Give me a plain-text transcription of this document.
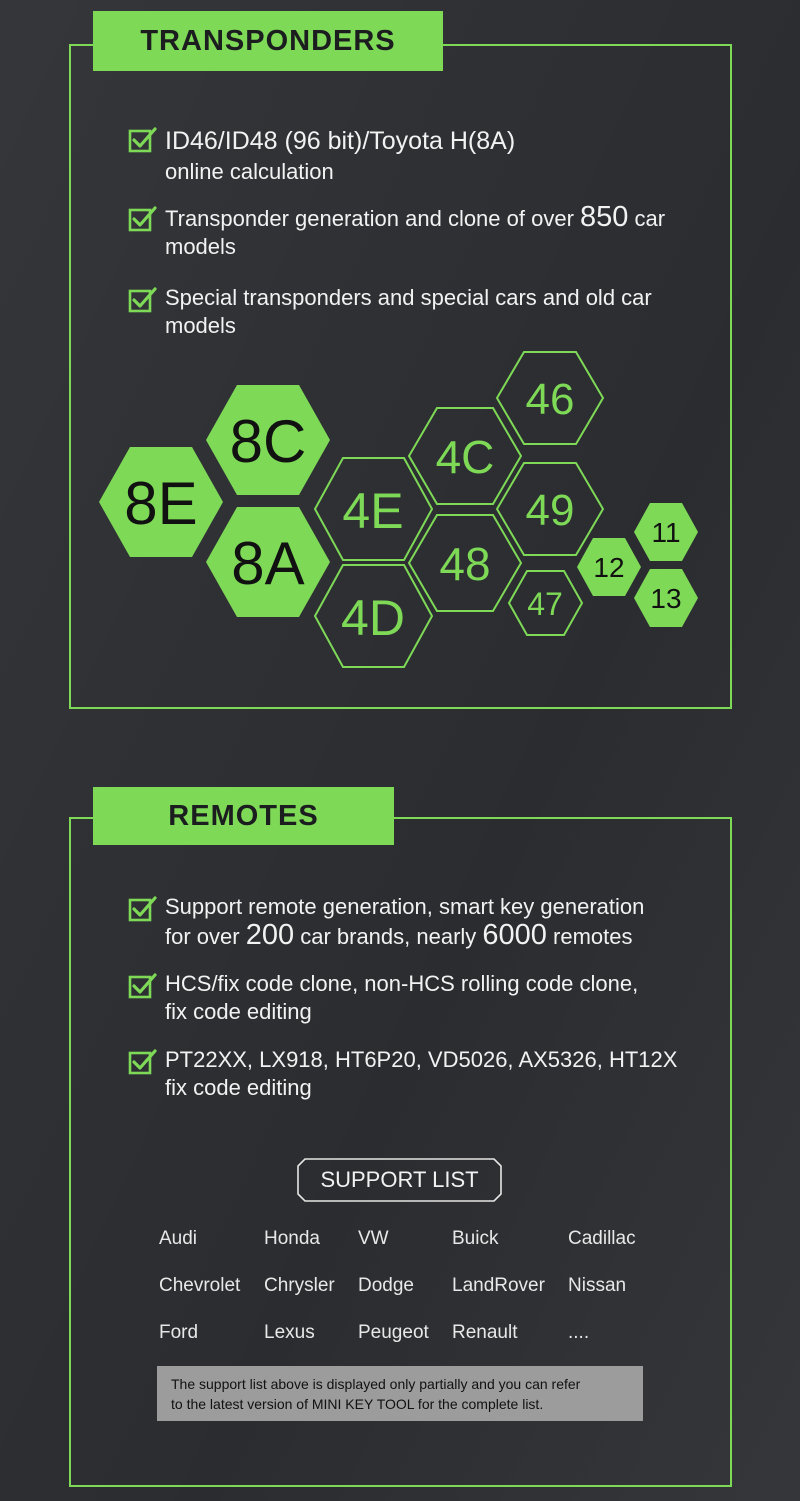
TRANSPONDERS
ID46/ID48 (96 bit)/Toyota H(8A)
online calculation
Transponder generation and clone of over 850 car
models
Special transponders and special cars and old car
models
8E
8C
8A
4E
4D
4C
48
46
49
47
12
11
13
REMOTES
Support remote generation, smart key generation
for over 200 car brands, nearly 6000 remotes
HCS/fix code clone, non-HCS rolling code clone,
fix code editing
PT22XX, LX918, HT6P20, VD5026, AX5326, HT12X
fix code editing
SUPPORT LIST
Audi	Honda VW	Buick	Cadillac
Chevrolet Chrysler Dodge LandRover Nissan
Ford	Lexus Peugeot Renault	....
The support list above is displayed only partially and you can refer
to the latest version of MINI KEY TOOL for the complete list.
